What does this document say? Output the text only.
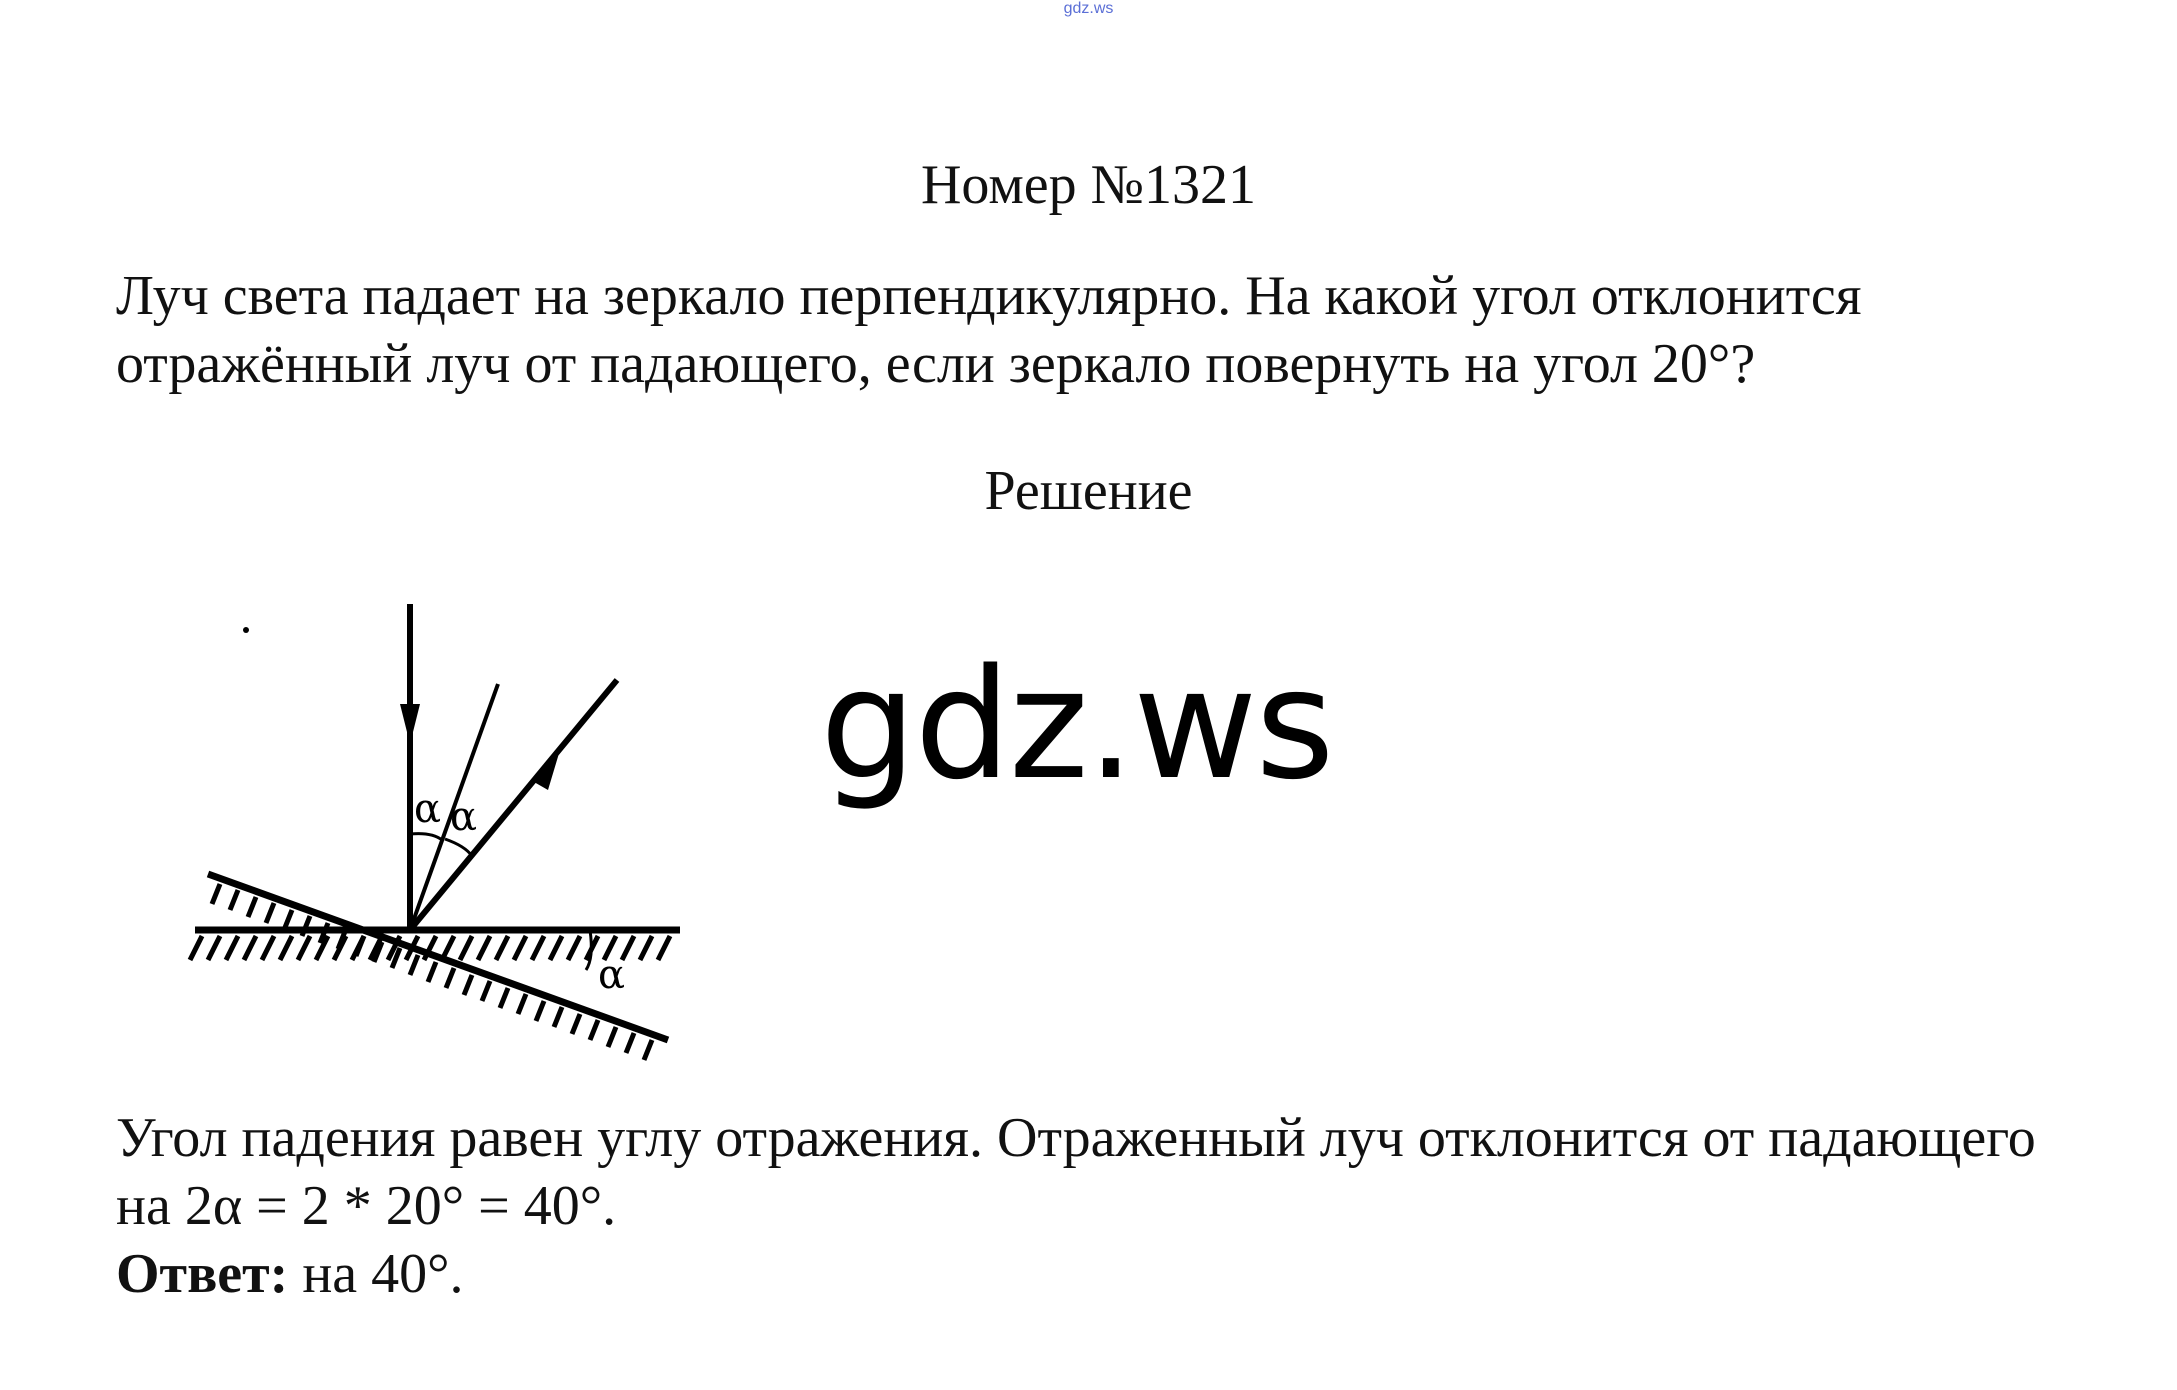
gdz.ws
Номер №1321
Луч света падает на зеркало перпендикулярно. На какой угол отклонится отражённый луч от падающего, если зеркало повернуть на угол 20°?
Решение
α α
α
gdz.ws
Угол падения равен углу отражения. Отраженный луч отклонится от падающего на 2α = 2 * 20° = 40°.
Ответ: на 40°.
